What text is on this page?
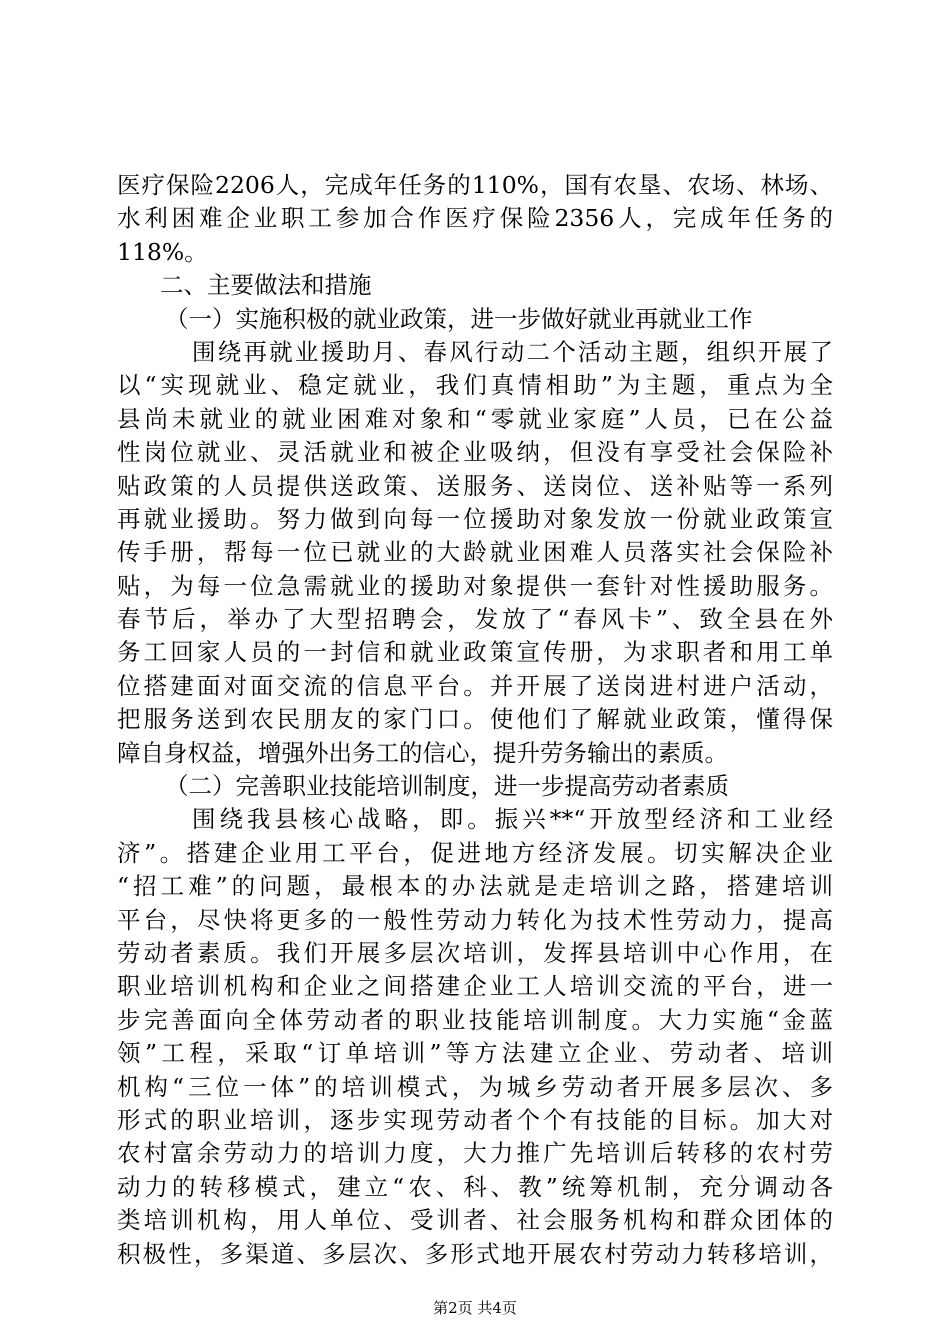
医疗保险2206人，完成年任务的110%，国有农垦、农场、林场、
水利困难企业职工参加合作医疗保险2356人，完成年任务的
118%。
二、主要做法和措施
（一）实施积极的就业政策，进一步做好就业再就业工作
围绕再就业援助月、春风行动二个活动主题，组织开展了
以“实现就业、稳定就业，我们真情相助”为主题，重点为全
县尚未就业的就业困难对象和“零就业家庭”人员，已在公益
性岗位就业、灵活就业和被企业吸纳，但没有享受社会保险补
贴政策的人员提供送政策、送服务、送岗位、送补贴等一系列
再就业援助。努力做到向每一位援助对象发放一份就业政策宣
传手册，帮每一位已就业的大龄就业困难人员落实社会保险补
贴，为每一位急需就业的援助对象提供一套针对性援助服务。
春节后，举办了大型招聘会，发放了“春风卡”、致全县在外
务工回家人员的一封信和就业政策宣传册，为求职者和用工单
位搭建面对面交流的信息平台。并开展了送岗进村进户活动，
把服务送到农民朋友的家门口。使他们了解就业政策，懂得保
障自身权益，增强外出务工的信心，提升劳务输出的素质。
（二）完善职业技能培训制度，进一步提高劳动者素质
围绕我县核心战略，即。振兴**“开放型经济和工业经
济”。搭建企业用工平台，促进地方经济发展。切实解决企业
“招工难”的问题，最根本的办法就是走培训之路，搭建培训
平台，尽快将更多的一般性劳动力转化为技术性劳动力，提高
劳动者素质。我们开展多层次培训，发挥县培训中心作用，在
职业培训机构和企业之间搭建企业工人培训交流的平台，进一
步完善面向全体劳动者的职业技能培训制度。大力实施“金蓝
领”工程，采取“订单培训”等方法建立企业、劳动者、培训
机构“三位一体”的培训模式，为城乡劳动者开展多层次、多
形式的职业培训，逐步实现劳动者个个有技能的目标。加大对
农村富余劳动力的培训力度，大力推广先培训后转移的农村劳
动力的转移模式，建立“农、科、教”统筹机制，充分调动各
类培训机构，用人单位、受训者、社会服务机构和群众团体的
积极性，多渠道、多层次、多形式地开展农村劳动力转移培训，
第2页 共4页
